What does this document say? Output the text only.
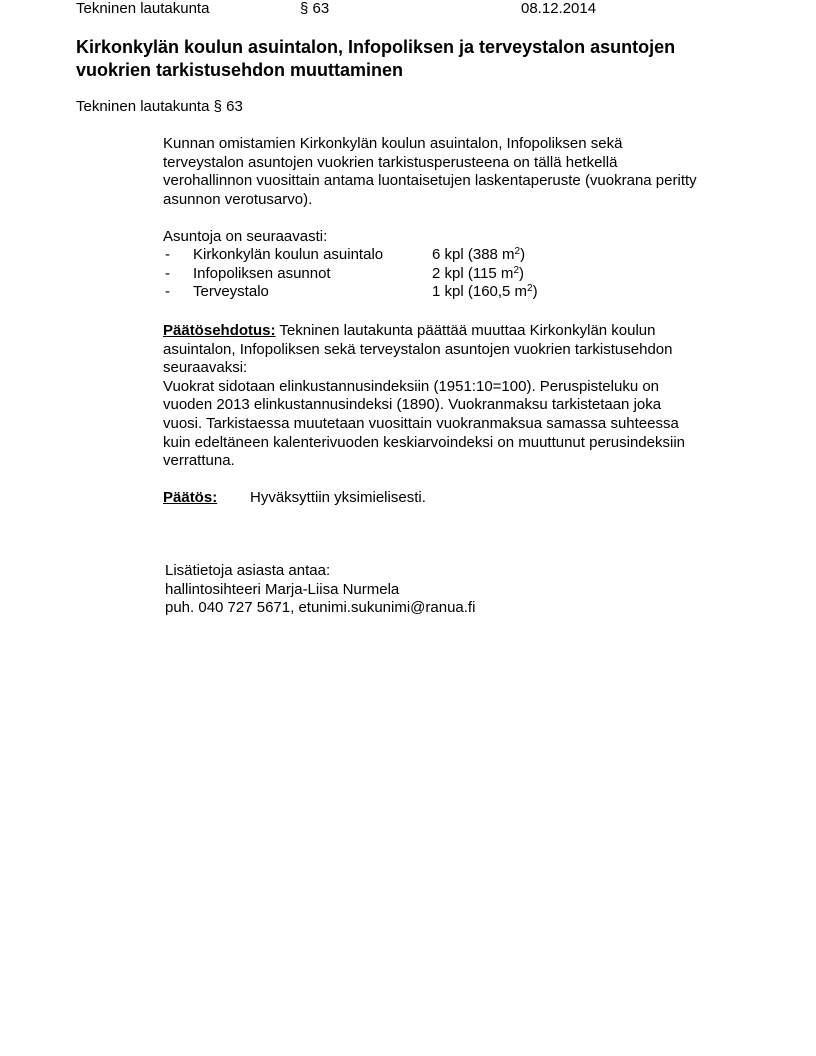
Tekninen lautakunta	§ 63	08.12.2014
Kirkonkylän koulun asuintalon, Infopoliksen ja terveystalon asuntojen
vuokrien tarkistusehdon muuttaminen
Tekninen lautakunta § 63
Kunnan omistamien Kirkonkylän koulun asuintalon, Infopoliksen sekä
terveystalon asuntojen vuokrien tarkistusperusteena on tällä hetkellä
verohallinnon vuosittain antama luontaisetujen laskentaperuste (vuokrana peritty
asunnon verotusarvo).
Asuntoja on seuraavasti:
- Kirkonkylän koulun asuintalo	6 kpl (388 $m^2$)
- Infopoliksen asunnot	2 kpl (115 $m^2$)
- Terveystalo	1 kpl (160,5 $m^2$)
Päätösehdotus: Tekninen lautakunta päättää muuttaa Kirkonkylän koulun
asuintalon, Infopoliksen sekä terveystalon asuntojen vuokrien tarkistusehdon
seuraavaksi:
Vuokrat sidotaan elinkustannusindeksiin (1951:10=100). Peruspisteluku on
vuoden 2013 elinkustannusindeksi (1890). Vuokranmaksu tarkistetaan joka
vuosi. Tarkistaessa muutetaan vuosittain vuokranmaksua samassa suhteessa
kuin edeltäneen kalenterivuoden keskiarvoindeksi on muuttunut perusindeksiin
verrattuna.
Päätös: Hyväksyttiin yksimielisesti.
Lisätietoja asiasta antaa:
hallintosihteeri Marja-Liisa Nurmela
puh. 040 727 5671, etunimi.sukunimi@ranua.fi
